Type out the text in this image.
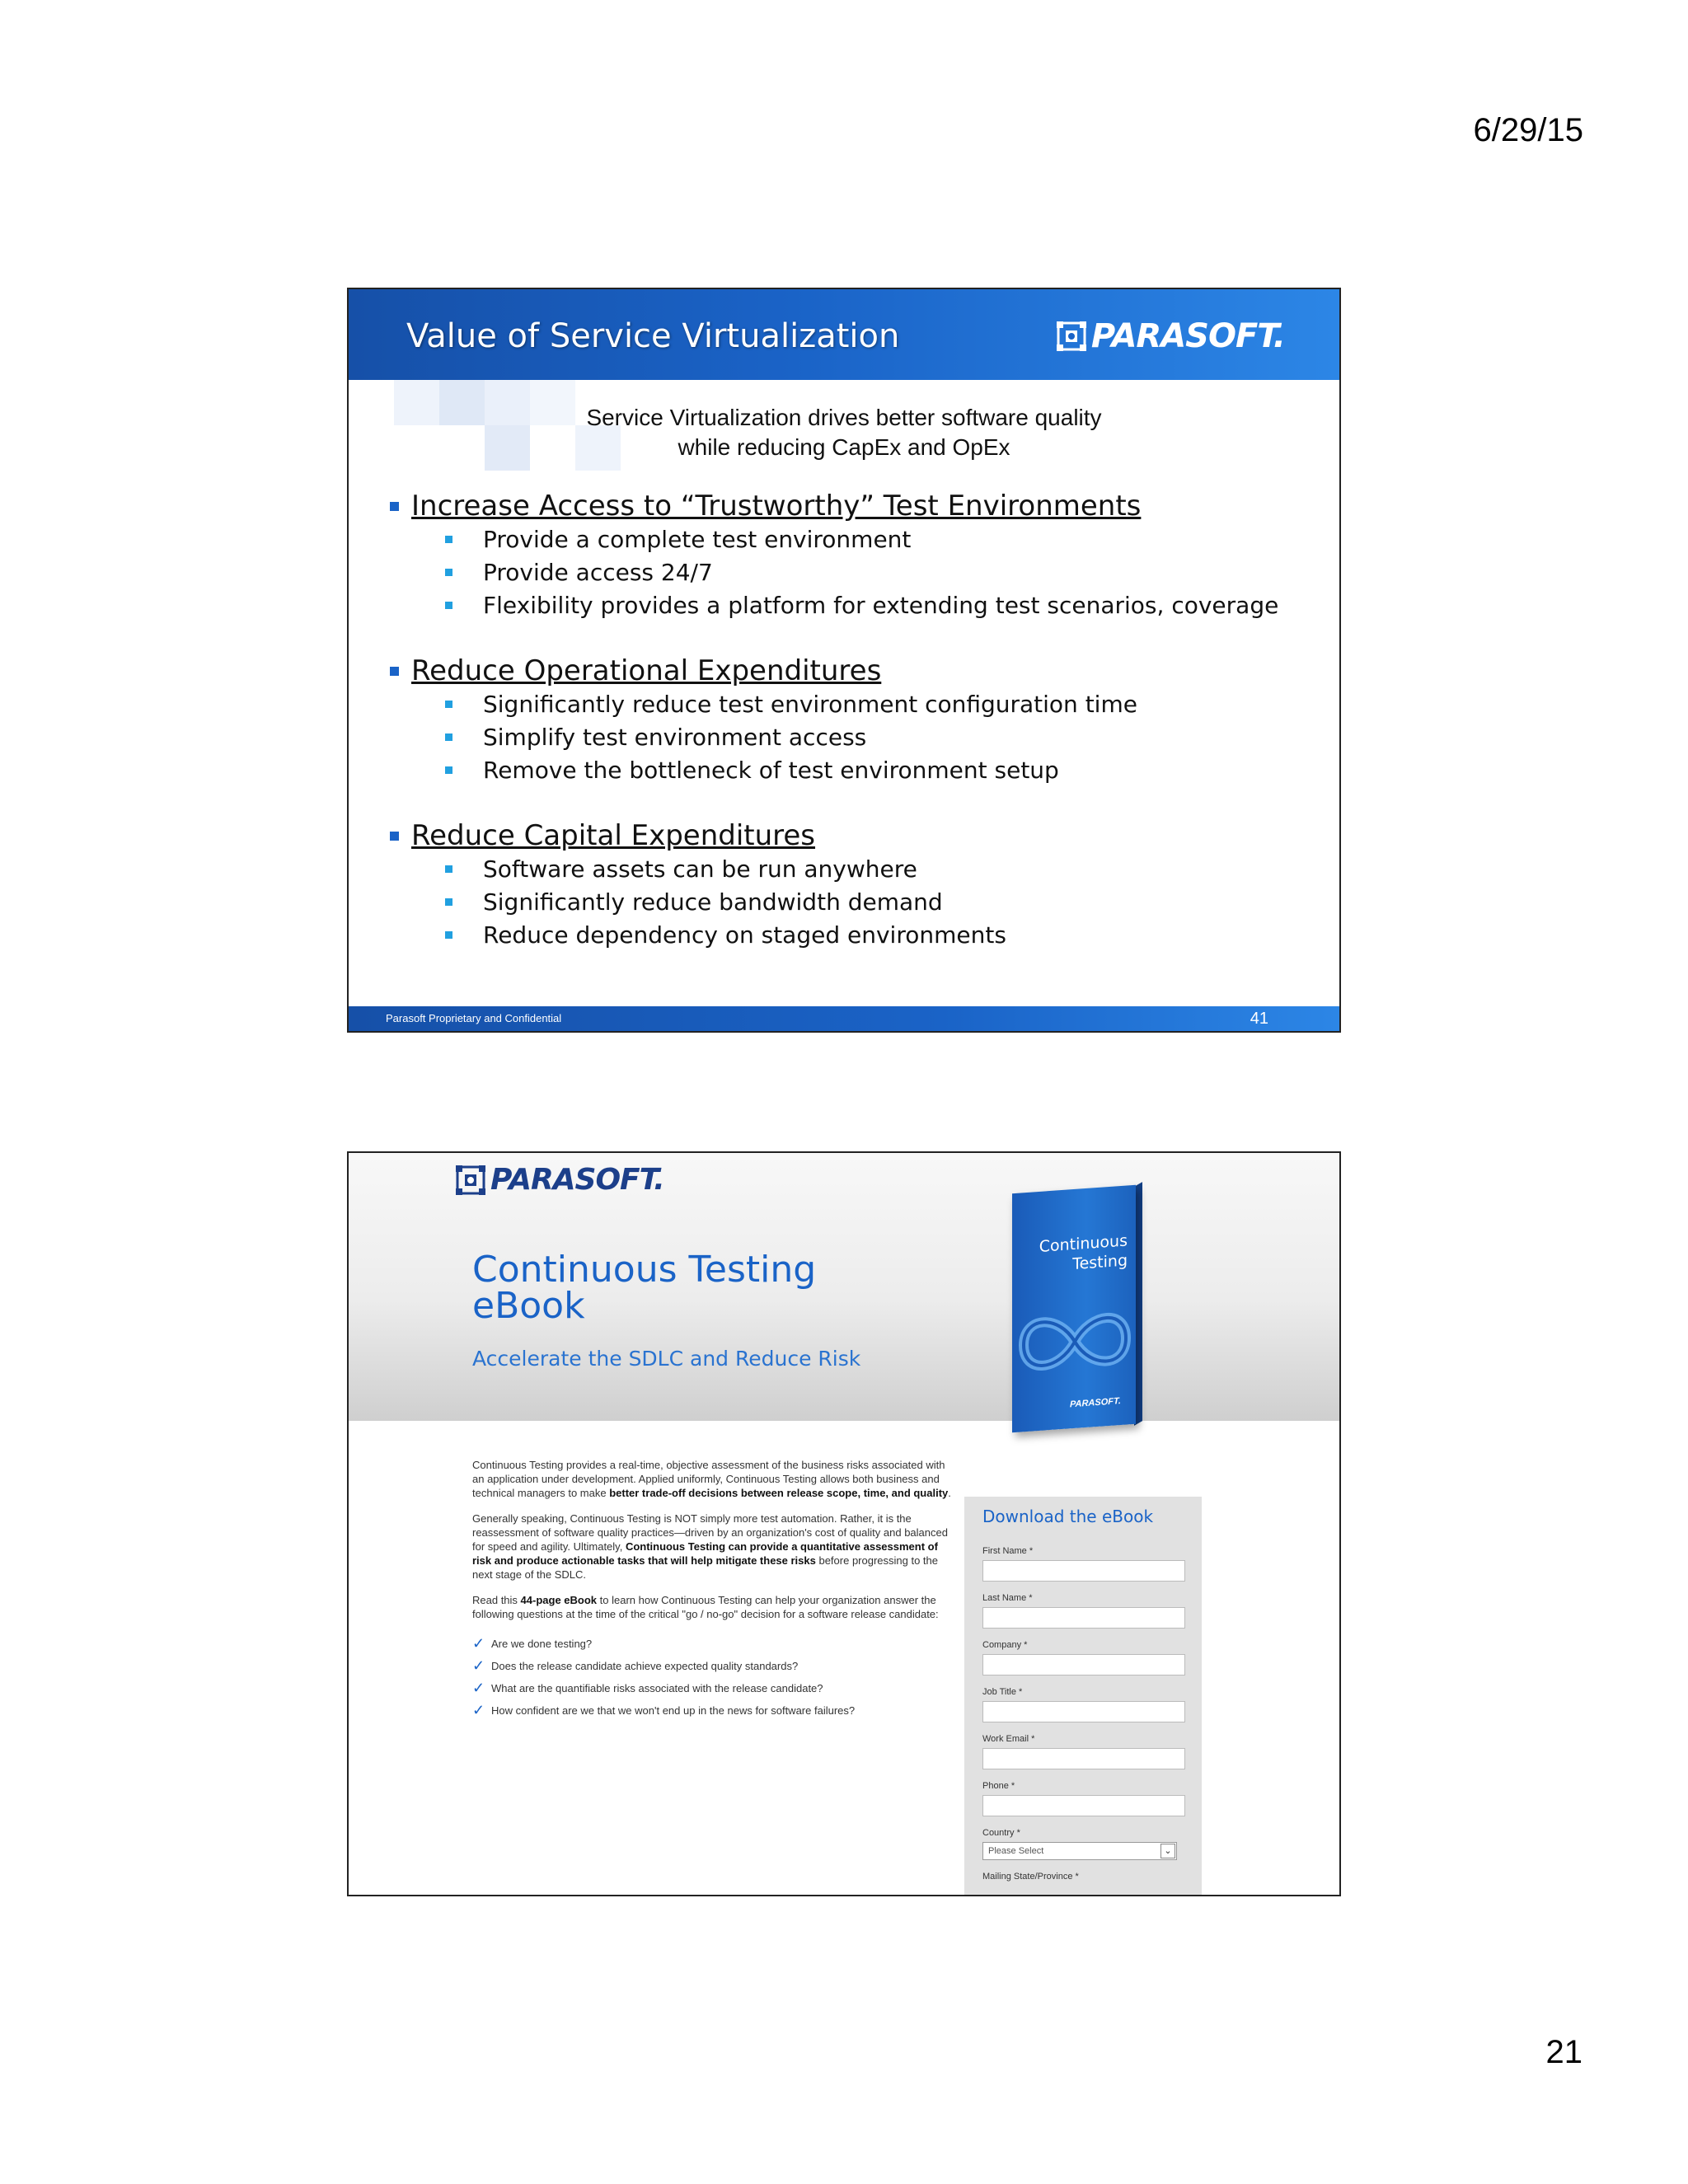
6/29/15
21
Value of Service Virtualization	PARASOFT.
Service Virtualization drives better software quality
while reducing CapEx and OpEx
Increase Access to “Trustworthy” Test Environments
Provide a complete test environment
Provide access 24/7
Flexibility provides a platform for extending test scenarios, coverage
Reduce Operational Expenditures
Significantly reduce test environment configuration time
Simplify test environment access
Remove the bottleneck of test environment setup
Reduce Capital Expenditures
Software assets can be run anywhere
Significantly reduce bandwidth demand
Reduce dependency on staged environments
Parasoft Proprietary and Confidential	41
PARASOFT.
Continuous Testing
eBook
Accelerate the SDLC and Reduce Risk
Continuous
Testing
PARASOFT.

Continuous Testing provides a real-time, objective assessment of the business risks associated with an application under development. Applied uniformly, Continuous Testing allows both business and technical managers to make better trade-off decisions between release scope, time, and quality.

Generally speaking, Continuous Testing is NOT simply more test automation. Rather, it is the reassessment of software quality practices—driven by an organization's cost of quality and balanced for speed and agility. Ultimately, Continuous Testing can provide a quantitative assessment of risk and produce actionable tasks that will help mitigate these risks before progressing to the next stage of the SDLC.

Read this 44-page eBook to learn how Continuous Testing can help your organization answer the following questions at the time of the critical "go / no-go" decision for a software release candidate:

✓ Are we done testing?
✓ Does the release candidate achieve expected quality standards?
✓ What are the quantifiable risks associated with the release candidate?
✓ How confident are we that we won't end up in the news for software failures?
Download the eBook
First Name *
Last Name *
Company *
Job Title *
Work Email *
Phone *
Country *
Please Select	⌄
Mailing State/Province *
